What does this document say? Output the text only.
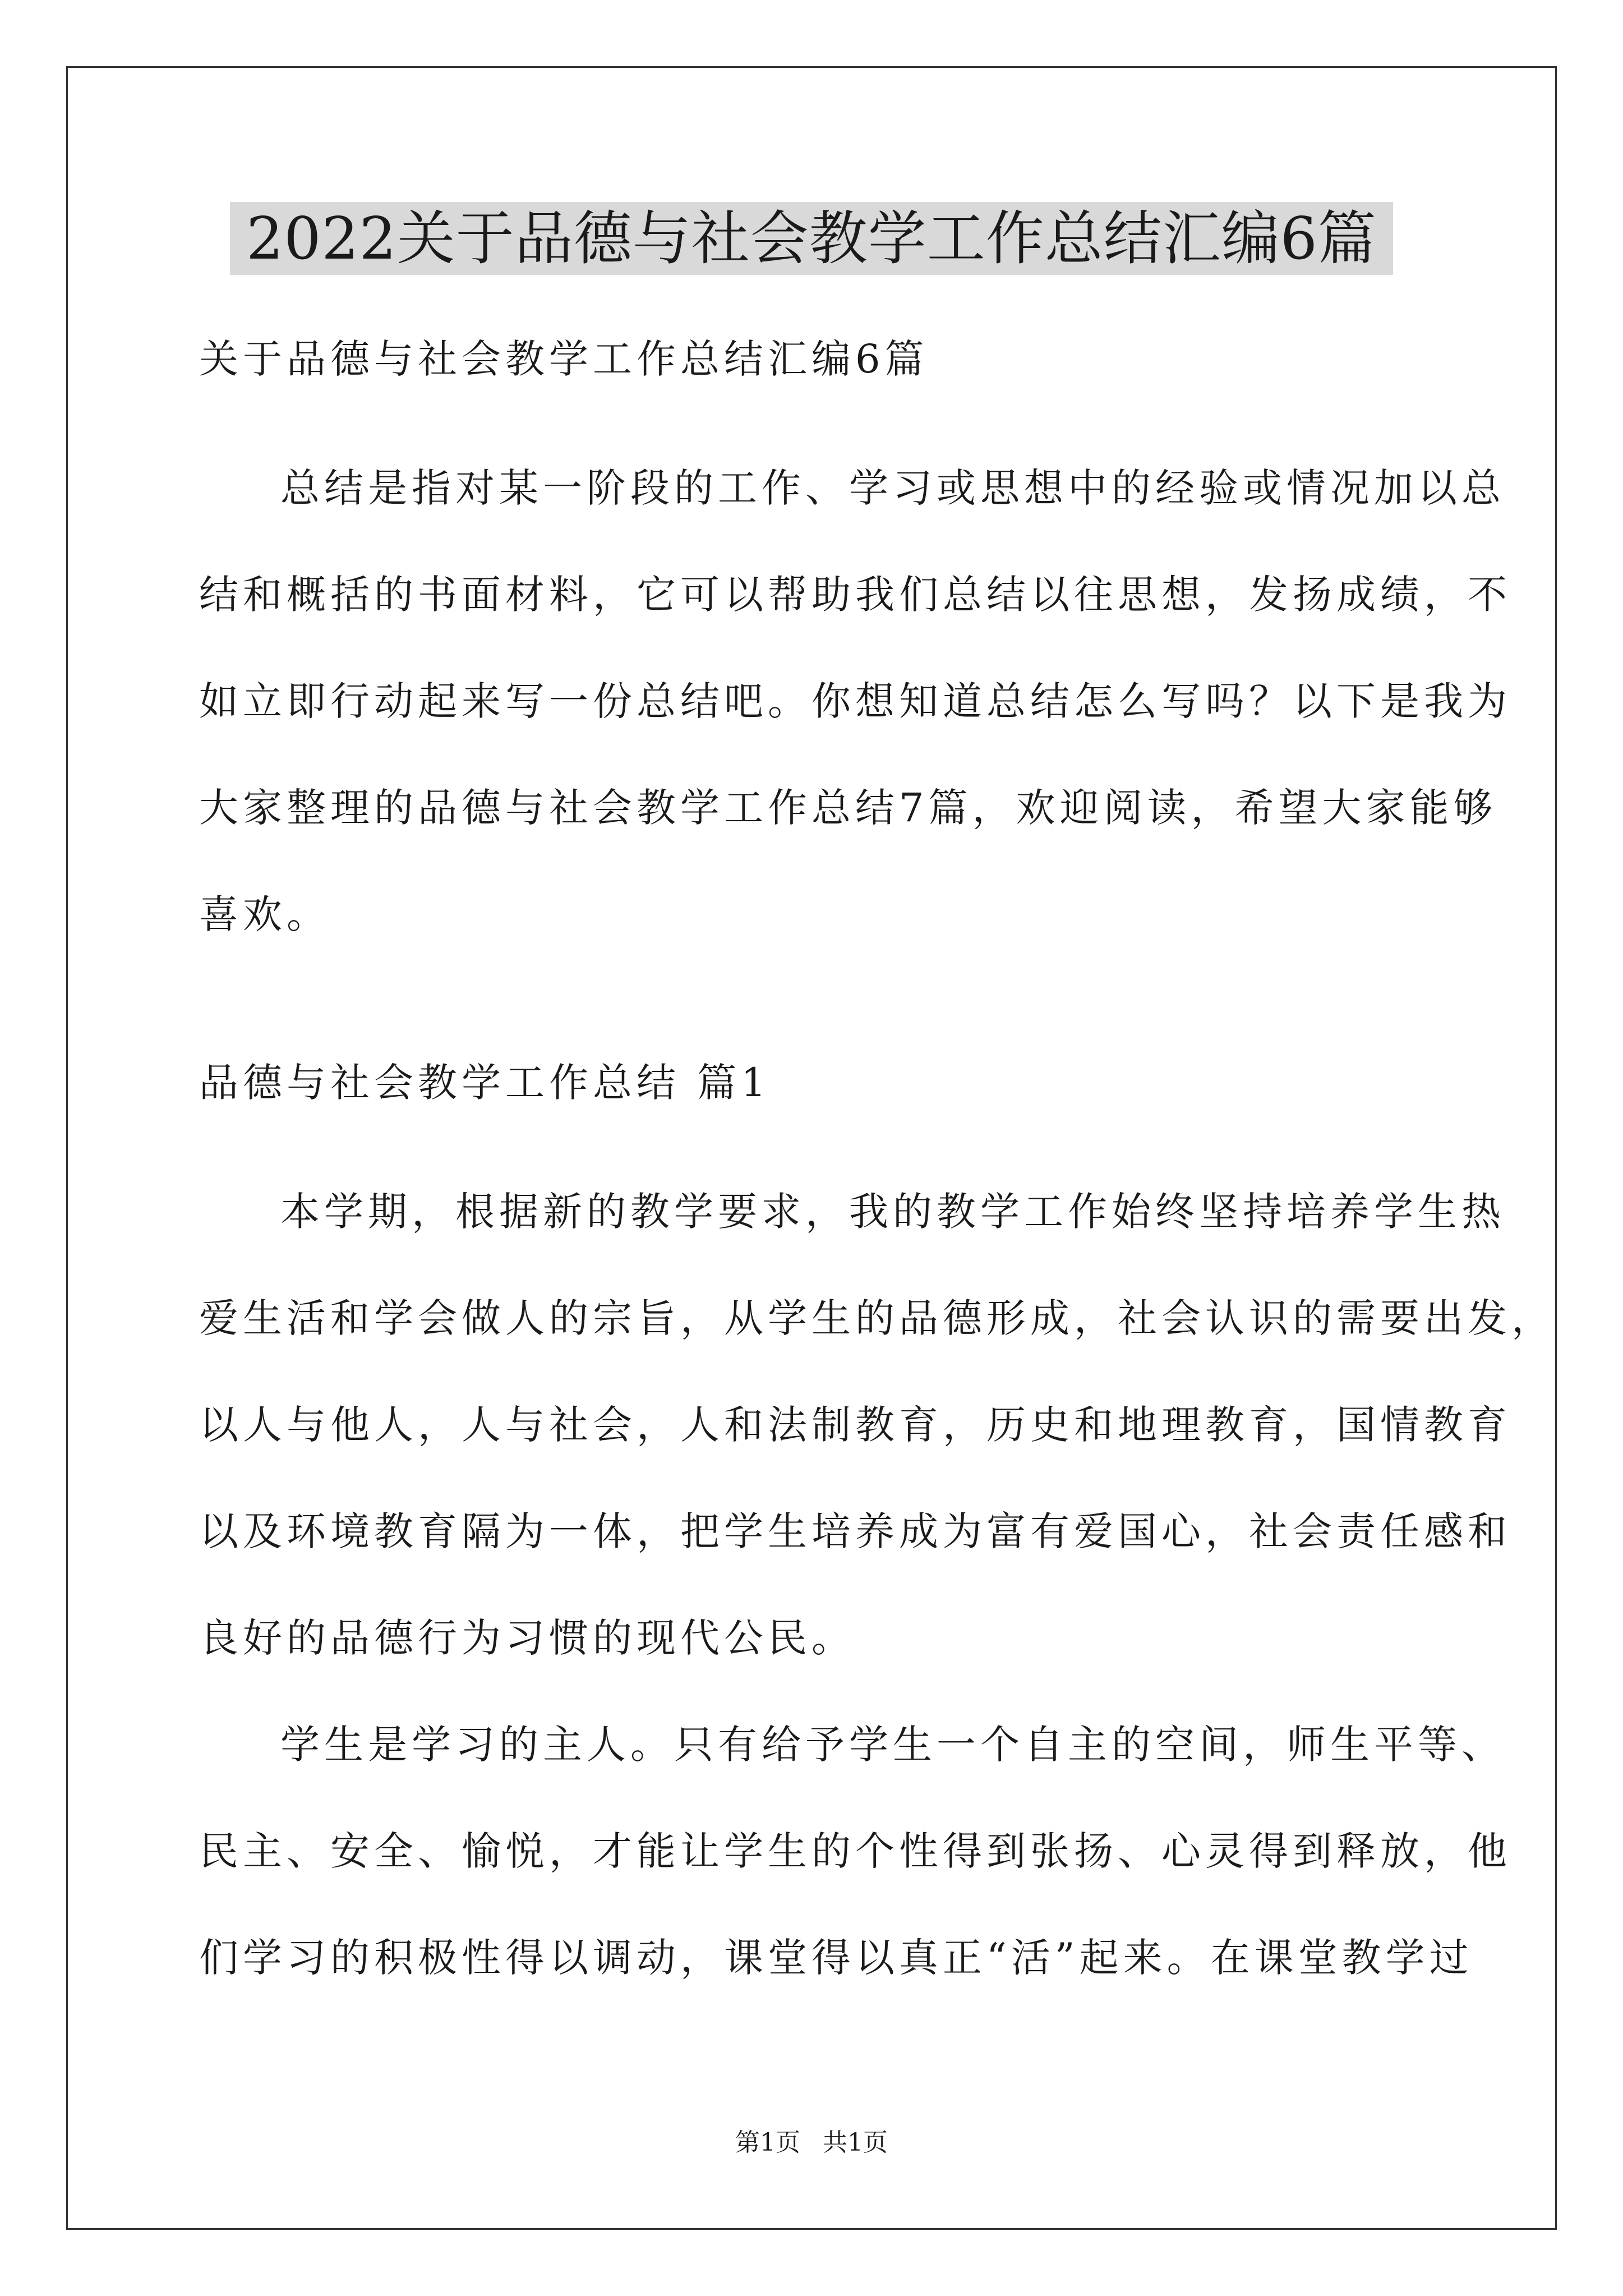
2022关于品德与社会教学工作总结汇编6篇
关于品德与社会教学工作总结汇编6篇
总结是指对某一阶段的工作、学习或思想中的经验或情况加以总
结和概括的书面材料，它可以帮助我们总结以往思想，发扬成绩，不
如立即行动起来写一份总结吧。你想知道总结怎么写吗？以下是我为
大家整理的品德与社会教学工作总结7篇，欢迎阅读，希望大家能够
喜欢。
品德与社会教学工作总结 篇1
本学期，根据新的教学要求，我的教学工作始终坚持培养学生热
爱生活和学会做人的宗旨，从学生的品德形成，社会认识的需要出发，
以人与他人，人与社会，人和法制教育，历史和地理教育，国情教育
以及环境教育隔为一体，把学生培养成为富有爱国心，社会责任感和
良好的品德行为习惯的现代公民。
学生是学习的主人。只有给予学生一个自主的空间，师生平等、
民主、安全、愉悦，才能让学生的个性得到张扬、心灵得到释放，他
们学习的积极性得以调动，课堂得以真正“活”起来。在课堂教学过
第1页 共1页
